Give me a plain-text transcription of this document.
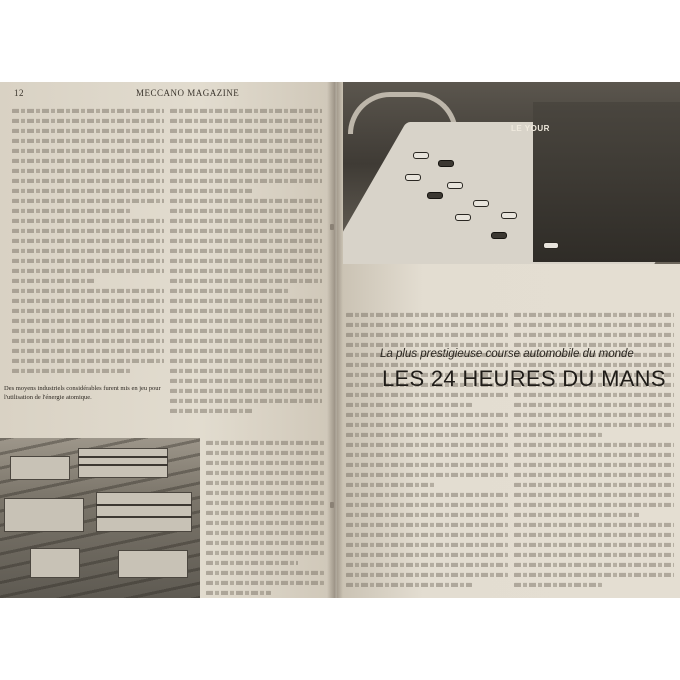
12	MECCANO MAGAZINE
Des moyens industriels considérables furent mis en jeu pour l'utilisation de l'énergie atomique.
LE YOUR
La plus prestigieuse course automobile du monde
LES 24 HEURES DU MANS
